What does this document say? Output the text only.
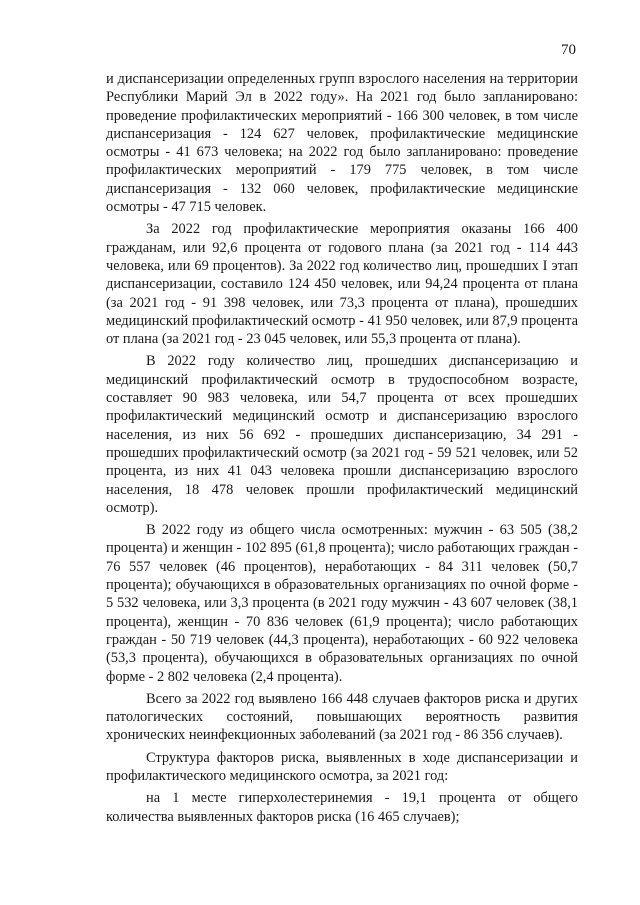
70

и диспансеризации определенных групп взрослого населения на территории Республики Марий Эл в 2022 году». На 2021 год было запланировано: проведение профилактических мероприятий - 166 300 человек, в том числе диспансеризация - 124 627 человек, профилактические медицинские осмотры - 41 673 человека; на 2022 год было запланировано: проведение профилактических мероприятий - 179 775 человек, в том числе диспансеризация - 132 060 человек, профилактические медицинские осмотры - 47 715 человек.

За 2022 год профилактические мероприятия оказаны 166 400 гражданам, или 92,6 процента от годового плана (за 2021 год - 114 443 человека, или 69 процентов). За 2022 год количество лиц, прошедших I этап диспансеризации, составило 124 450 человек, или 94,24 процента от плана (за 2021 год - 91 398 человек, или 73,3 процента от плана), прошедших медицинский профилактический осмотр - 41 950 человек, или 87,9 процента от плана (за 2021 год - 23 045 человек, или 55,3 процента от плана).

В 2022 году количество лиц, прошедших диспансеризацию и медицинский профилактический осмотр в трудоспособном возрасте, составляет 90 983 человека, или 54,7 процента от всех прошедших профилактический медицинский осмотр и диспансеризацию взрослого населения, из них 56 692 - прошедших диспансеризацию, 34 291 - прошедших профилактический осмотр (за 2021 год - 59 521 человек, или 52 процента, из них 41 043 человека прошли диспансеризацию взрослого населения, 18 478 человек прошли профилактический медицинский осмотр).

В 2022 году из общего числа осмотренных: мужчин - 63 505 (38,2 процента) и женщин - 102 895 (61,8 процента); число работающих граждан - 76 557 человек (46 процентов), неработающих - 84 311 человек (50,7 процента); обучающихся в образовательных организациях по очной форме - 5 532 человека, или 3,3 процента (в 2021 году мужчин - 43 607 человек (38,1 процента), женщин - 70 836 человек (61,9 процента); число работающих граждан - 50 719 человек (44,3 процента), неработающих - 60 922 человека (53,3 процента), обучающихся в образовательных организациях по очной форме - 2 802 человека (2,4 процента).

Всего за 2022 год выявлено 166 448 случаев факторов риска и других патологических состояний, повышающих вероятность развития хронических неинфекционных заболеваний (за 2021 год - 86 356 случаев).

Структура факторов риска, выявленных в ходе диспансеризации и профилактического медицинского осмотра, за 2021 год:

на 1 месте гиперхолестеринемия - 19,1 процента от общего количества выявленных факторов риска (16 465 случаев);
